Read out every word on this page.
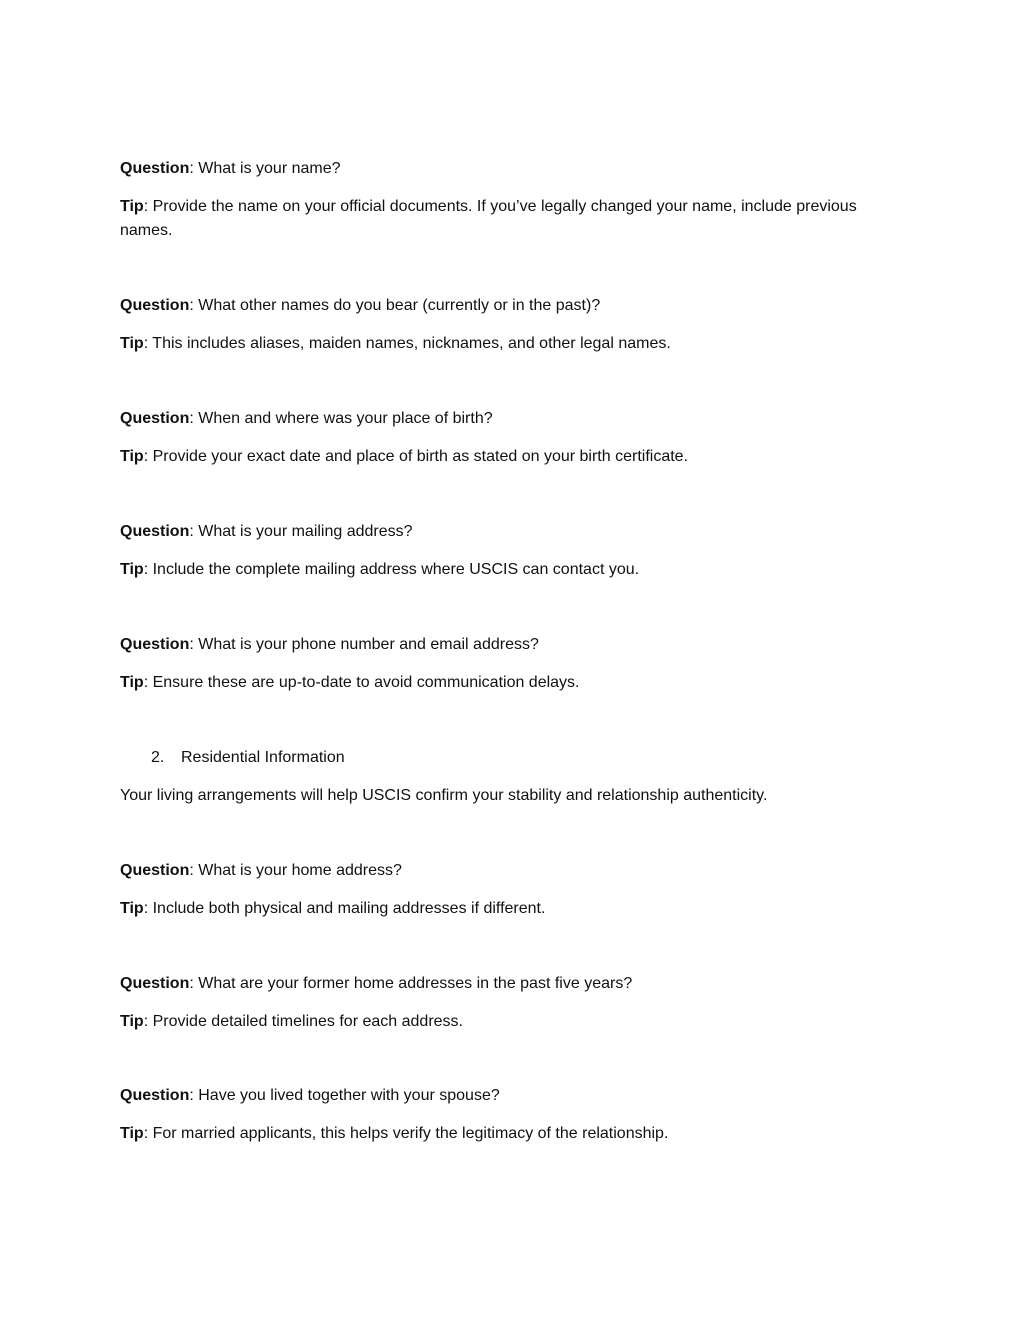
Question: What is your name?

Tip: Provide the name on your official documents. If you’ve legally changed your name, include previous names.

Question: What other names do you bear (currently or in the past)?

Tip: This includes aliases, maiden names, nicknames, and other legal names.

Question: When and where was your place of birth?

Tip: Provide your exact date and place of birth as stated on your birth certificate.

Question: What is your mailing address?

Tip: Include the complete mailing address where USCIS can contact you.

Question: What is your phone number and email address?

Tip: Ensure these are up-to-date to avoid communication delays.

2. Residential Information

Your living arrangements will help USCIS confirm your stability and relationship authenticity.

Question: What is your home address?

Tip: Include both physical and mailing addresses if different.

Question: What are your former home addresses in the past five years?

Tip: Provide detailed timelines for each address.

Question: Have you lived together with your spouse?

Tip: For married applicants, this helps verify the legitimacy of the relationship.
